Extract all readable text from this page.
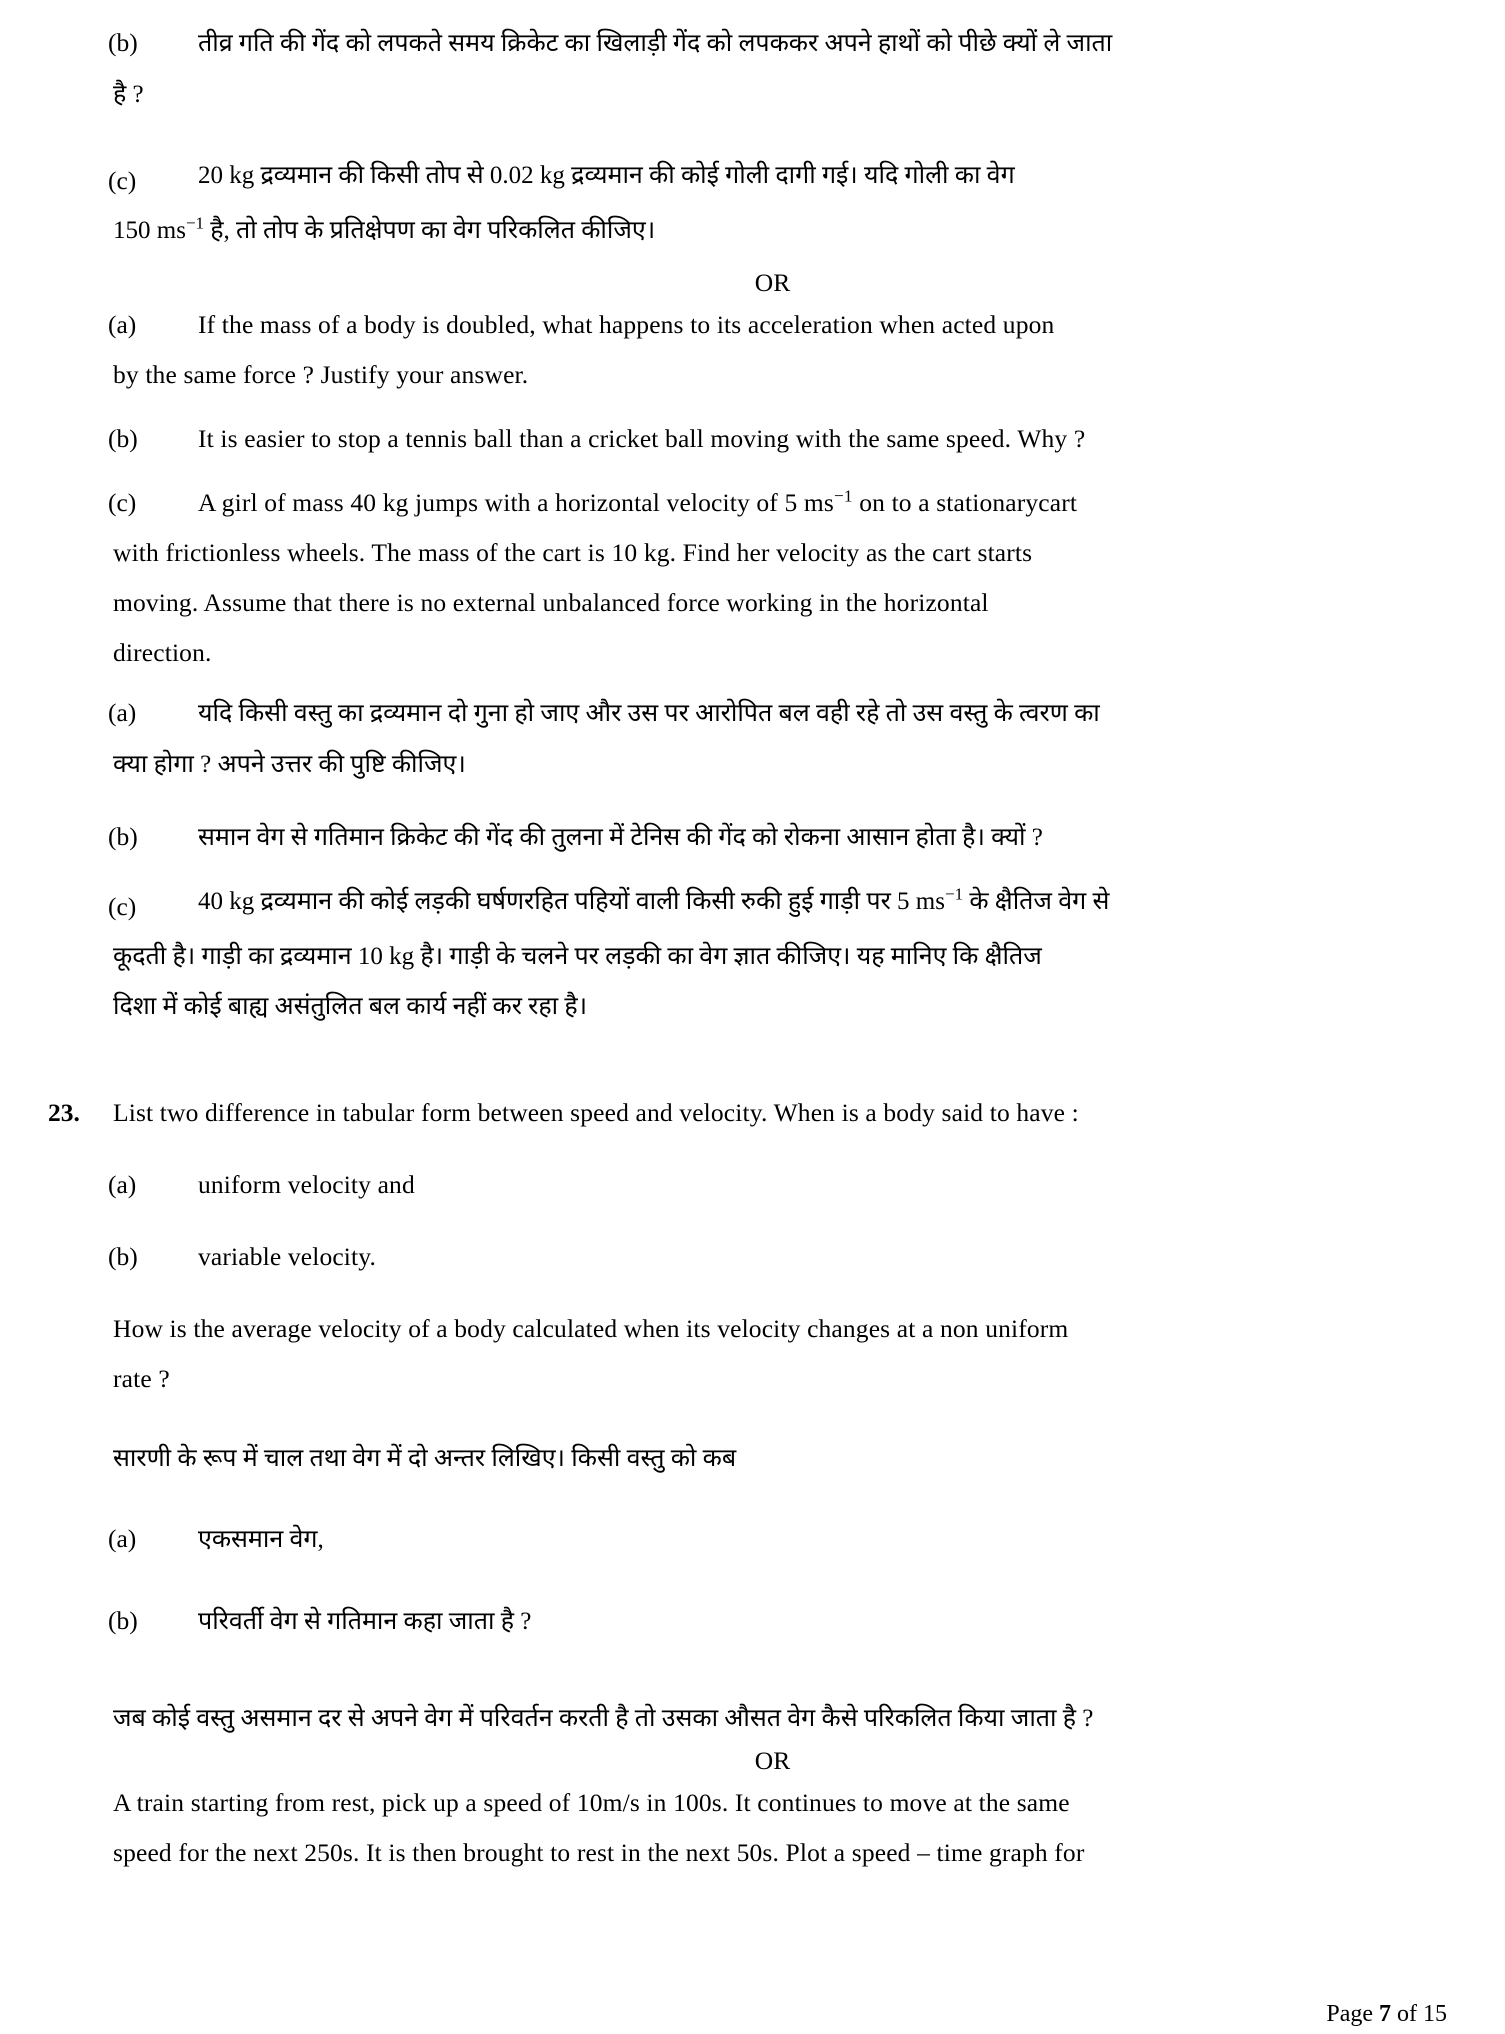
(b)	तीव्र गति की गेंद को लपकते समय क्रिकेट का खिलाड़ी गेंद को लपककर अपने हाथों को पीछे क्यों ले जाता
है ?
(c)	20 kg द्रव्यमान की किसी तोप से 0.02 kg द्रव्यमान की कोई गोली दागी गई। यदि गोली का वेग
150 $ms^{-1}$ है, तो तोप के प्रतिक्षेपण का वेग परिकलित कीजिए।
OR
(a)	If the mass of a body is doubled, what happens to its acceleration when acted upon
by the same force ? Justify your answer.
(b)	It is easier to stop a tennis ball than a cricket ball moving with the same speed. Why ?
(c)	A girl of mass 40 kg jumps with a horizontal velocity of 5 $ms^{-1}$ on to a stationarycart
with frictionless wheels. The mass of the cart is 10 kg. Find her velocity as the cart starts
moving. Assume that there is no external unbalanced force working in the horizontal
direction.
(a)	यदि किसी वस्तु का द्रव्यमान दो गुना हो जाए और उस पर आरोपित बल वही रहे तो उस वस्तु के त्वरण का
क्या होगा ? अपने उत्तर की पुष्टि कीजिए।
(b)	समान वेग से गतिमान क्रिकेट की गेंद की तुलना में टेनिस की गेंद को रोकना आसान होता है। क्यों ?
(c)	40 kg द्रव्यमान की कोई लड़की घर्षणरहित पहियों वाली किसी रुकी हुई गाड़ी पर 5 $ms^{-1}$ के क्षैतिज वेग से
कूदती है। गाड़ी का द्रव्यमान 10 kg है। गाड़ी के चलने पर लड़की का वेग ज्ञात कीजिए। यह मानिए कि क्षैतिज
दिशा में कोई बाह्य असंतुलित बल कार्य नहीं कर रहा है।
23.	List two difference in tabular form between speed and velocity. When is a body said to have :
(a)	uniform velocity and
(b)	variable velocity.
How is the average velocity of a body calculated when its velocity changes at a non uniform
rate ?
सारणी के रूप में चाल तथा वेग में दो अन्तर लिखिए। किसी वस्तु को कब
(a)	एकसमान वेग,
(b)	परिवर्ती वेग से गतिमान कहा जाता है ?
जब कोई वस्तु असमान दर से अपने वेग में परिवर्तन करती है तो उसका औसत वेग कैसे परिकलित किया जाता है ?
OR
A train starting from rest, pick up a speed of 10m/s in 100s. It continues to move at the same
speed for the next 250s. It is then brought to rest in the next 50s. Plot a speed – time graph for
Page 7 of 15
